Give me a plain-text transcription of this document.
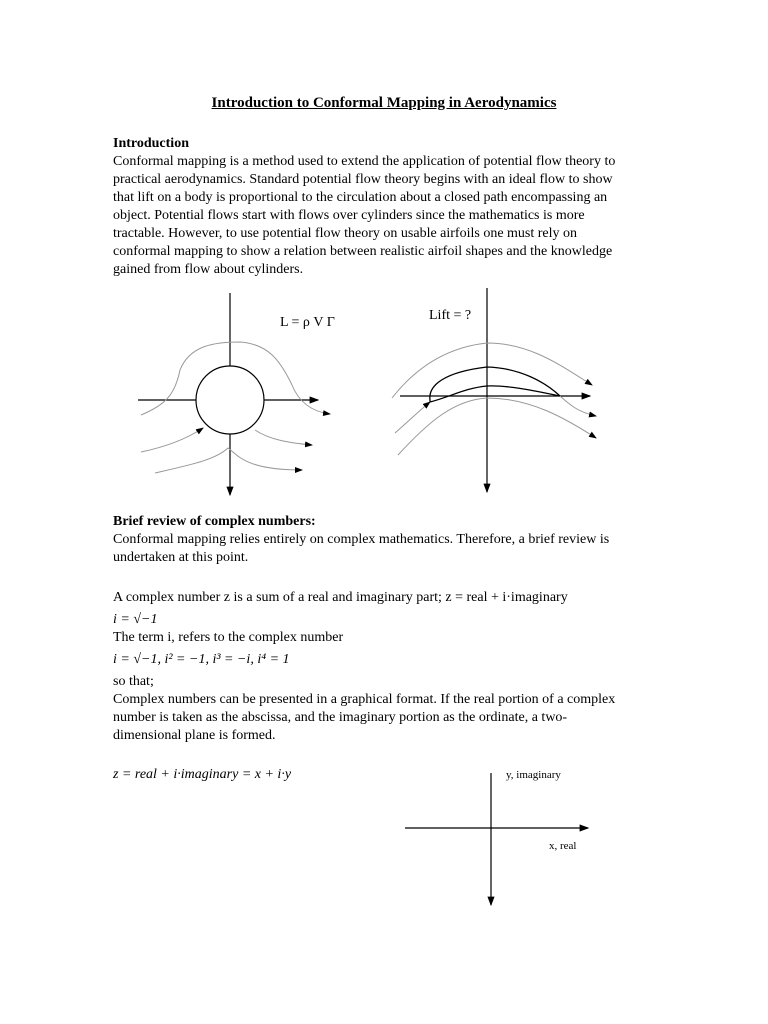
Introduction to Conformal Mapping in Aerodynamics
Introduction
Conformal mapping is a method used to extend the application of potential flow theory to
practical aerodynamics. Standard potential flow theory begins with an ideal flow to show
that lift on a body is proportional to the circulation about a closed path encompassing an
object. Potential flows start with flows over cylinders since the mathematics is more
tractable. However, to use potential flow theory on usable airfoils one must rely on
conformal mapping to show a relation between realistic airfoil shapes and the knowledge
gained from flow about cylinders.
L = ρ V Γ	Lift = ?
Brief review of complex numbers:
Conformal mapping relies entirely on complex mathematics. Therefore, a brief review is
undertaken at this point.
A complex number z is a sum of a real and imaginary part; z = real + i·imaginary
i = √−1
The term i, refers to the complex number
i = √−1, i² = −1, i³ = −i, i⁴ = 1
so that;
Complex numbers can be presented in a graphical format. If the real portion of a complex
number is taken as the abscissa, and the imaginary portion as the ordinate, a two-
dimensional plane is formed.
z = real + i·imaginary = x + i·y	y, imaginary
x, real
